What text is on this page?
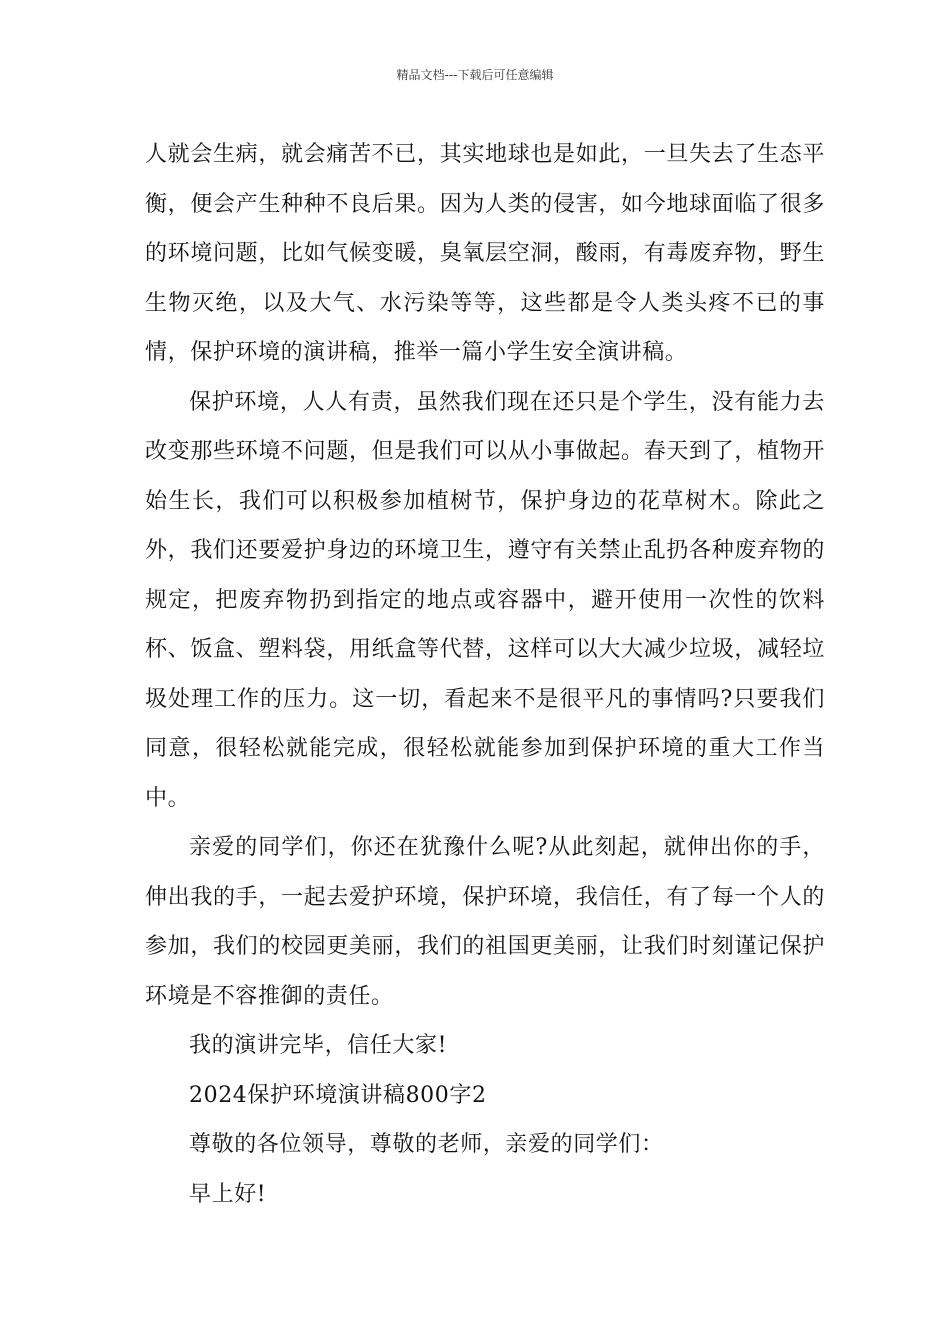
精品文档---下载后可任意编辑

人就会生病，就会痛苦不已，其实地球也是如此，一旦失去了生态平衡，便会产生种种不良后果。因为人类的侵害，如今地球面临了很多的环境问题，比如气候变暖，臭氧层空洞，酸雨，有毒废弃物，野生生物灭绝，以及大气、水污染等等，这些都是令人类头疼不已的事情，保护环境的演讲稿，推举一篇小学生安全演讲稿。

保护环境，人人有责，虽然我们现在还只是个学生，没有能力去改变那些环境不问题，但是我们可以从小事做起。春天到了，植物开始生长，我们可以积极参加植树节，保护身边的花草树木。除此之外，我们还要爱护身边的环境卫生，遵守有关禁止乱扔各种废弃物的规定，把废弃物扔到指定的地点或容器中，避开使用一次性的饮料杯、饭盒、塑料袋，用纸盒等代替，这样可以大大减少垃圾，减轻垃圾处理工作的压力。这一切，看起来不是很平凡的事情吗?只要我们同意，很轻松就能完成，很轻松就能参加到保护环境的重大工作当中。

亲爱的同学们，你还在犹豫什么呢?从此刻起，就伸出你的手，伸出我的手，一起去爱护环境，保护环境，我信任，有了每一个人的参加，我们的校园更美丽，我们的祖国更美丽，让我们时刻谨记保护环境是不容推御的责任。

我的演讲完毕，信任大家!

2024保护环境演讲稿800字2

尊敬的各位领导，尊敬的老师，亲爱的同学们：

早上好!
